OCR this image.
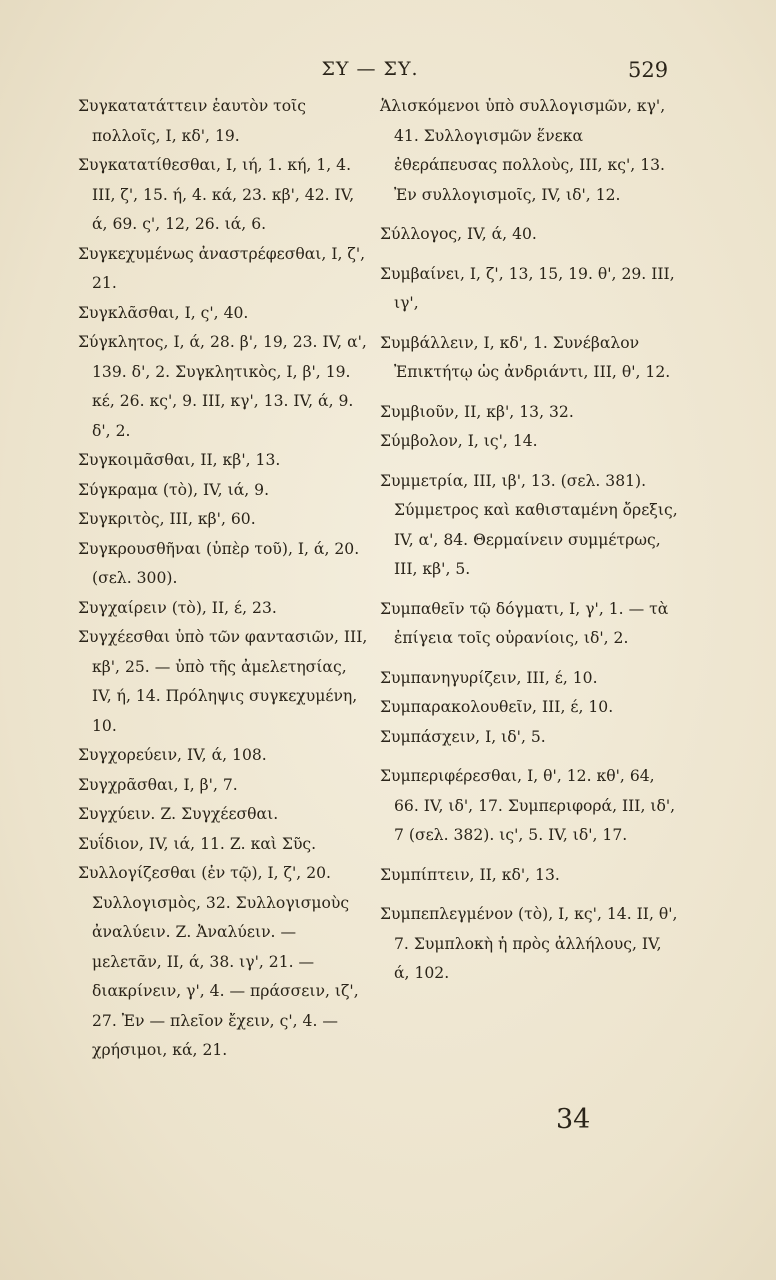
ΣΥ — ΣΥ.	529

Συγκατατάττειν ἑαυτὸν τοῖς πολλοῖς, I, κδ', 19.

Συγκατατίθεσθαι, I, ιή, 1. κή, 1, 4. III, ζ', 15. ή, 4. κά, 23. κβ', 42. IV, ά, 69. ς', 12, 26. ιά, 6.

Συγκεχυμένως ἀναστρέφεσθαι, I, ζ', 21.

Συγκλᾶσθαι, I, ς', 40.

Σύγκλητος, I, ά, 28. β', 19, 23. IV, α', 139. δ', 2. Συγκλητικὸς, I, β', 19. κέ, 26. κς', 9. III, κγ', 13. IV, ά, 9. δ', 2.

Συγκοιμᾶσθαι, II, κβ', 13.

Σύγκραμα (τὸ), IV, ιά, 9.

Συγκριτὸς, III, κβ', 60.

Συγκρουσθῆναι (ὑπὲρ τοῦ), I, ά, 20. (σελ. 300).

Συγχαίρειν (τὸ), II, έ, 23.

Συγχέεσθαι ὑπὸ τῶν φαντασιῶν, III, κβ', 25. — ὑπὸ τῆς ἀμελετησίας, IV, ή, 14. Πρόληψις συγκεχυμένη, 10.

Συγχορεύειν, IV, ά, 108.

Συγχρᾶσθαι, I, β', 7.

Συγχύειν. Ζ. Συγχέεσθαι.

Συΐδιον, IV, ιά, 11. Ζ. καὶ Σῦς.

Συλλογίζεσθαι (ἐν τῷ), I, ζ', 20. Συλλογισμὸς, 32. Συλλογισμοὺς ἀναλύειν. Ζ. Ἀναλύειν. — μελετᾶν, II, ά, 38. ιγ', 21. — διακρίνειν, γ', 4. — πράσσειν, ιζ', 27. Ἐν — πλεῖον ἔχειν, ς', 4. — χρήσιμοι, κά, 21.

Ἁλισκόμενοι ὑπὸ συλλογισμῶν, κγ', 41. Συλλογισμῶν ἕνεκα ἐθεράπευσας πολλοὺς, III, κς', 13. Ἐν συλλογισμοῖς, IV, ιδ', 12.

Σύλλογος, IV, ά, 40.

Συμβαίνει, I, ζ', 13, 15, 19. θ', 29. III, ιγ',

Συμβάλλειν, I, κδ', 1. Συνέβαλον Ἐπικτήτῳ ὡς ἀνδριάντι, III, θ', 12.

Συμβιοῦν, II, κβ', 13, 32.

Σύμβολον, I, ις', 14.

Συμμετρία, III, ιβ', 13. (σελ. 381). Σύμμετρος καὶ καθισταμένη ὄρεξις, IV, α', 84. Θερμαίνειν συμμέτρως, III, κβ', 5.

Συμπαθεῖν τῷ δόγματι, I, γ', 1. — τὰ ἐπίγεια τοῖς οὐρανίοις, ιδ', 2.

Συμπανηγυρίζειν, III, έ, 10.

Συμπαρακολουθεῖν, III, έ, 10.

Συμπάσχειν, I, ιδ', 5.

Συμπεριφέρεσθαι, I, θ', 12. κθ', 64, 66. IV, ιδ', 17. Συμπεριφορά, III, ιδ', 7 (σελ. 382). ις', 5. IV, ιδ', 17.

Συμπίπτειν, II, κδ', 13.

Συμπεπλεγμένον (τὸ), I, κς', 14. II, θ', 7. Συμπλοκὴ ἡ πρὸς ἀλλήλους, IV, ά, 102.

34
